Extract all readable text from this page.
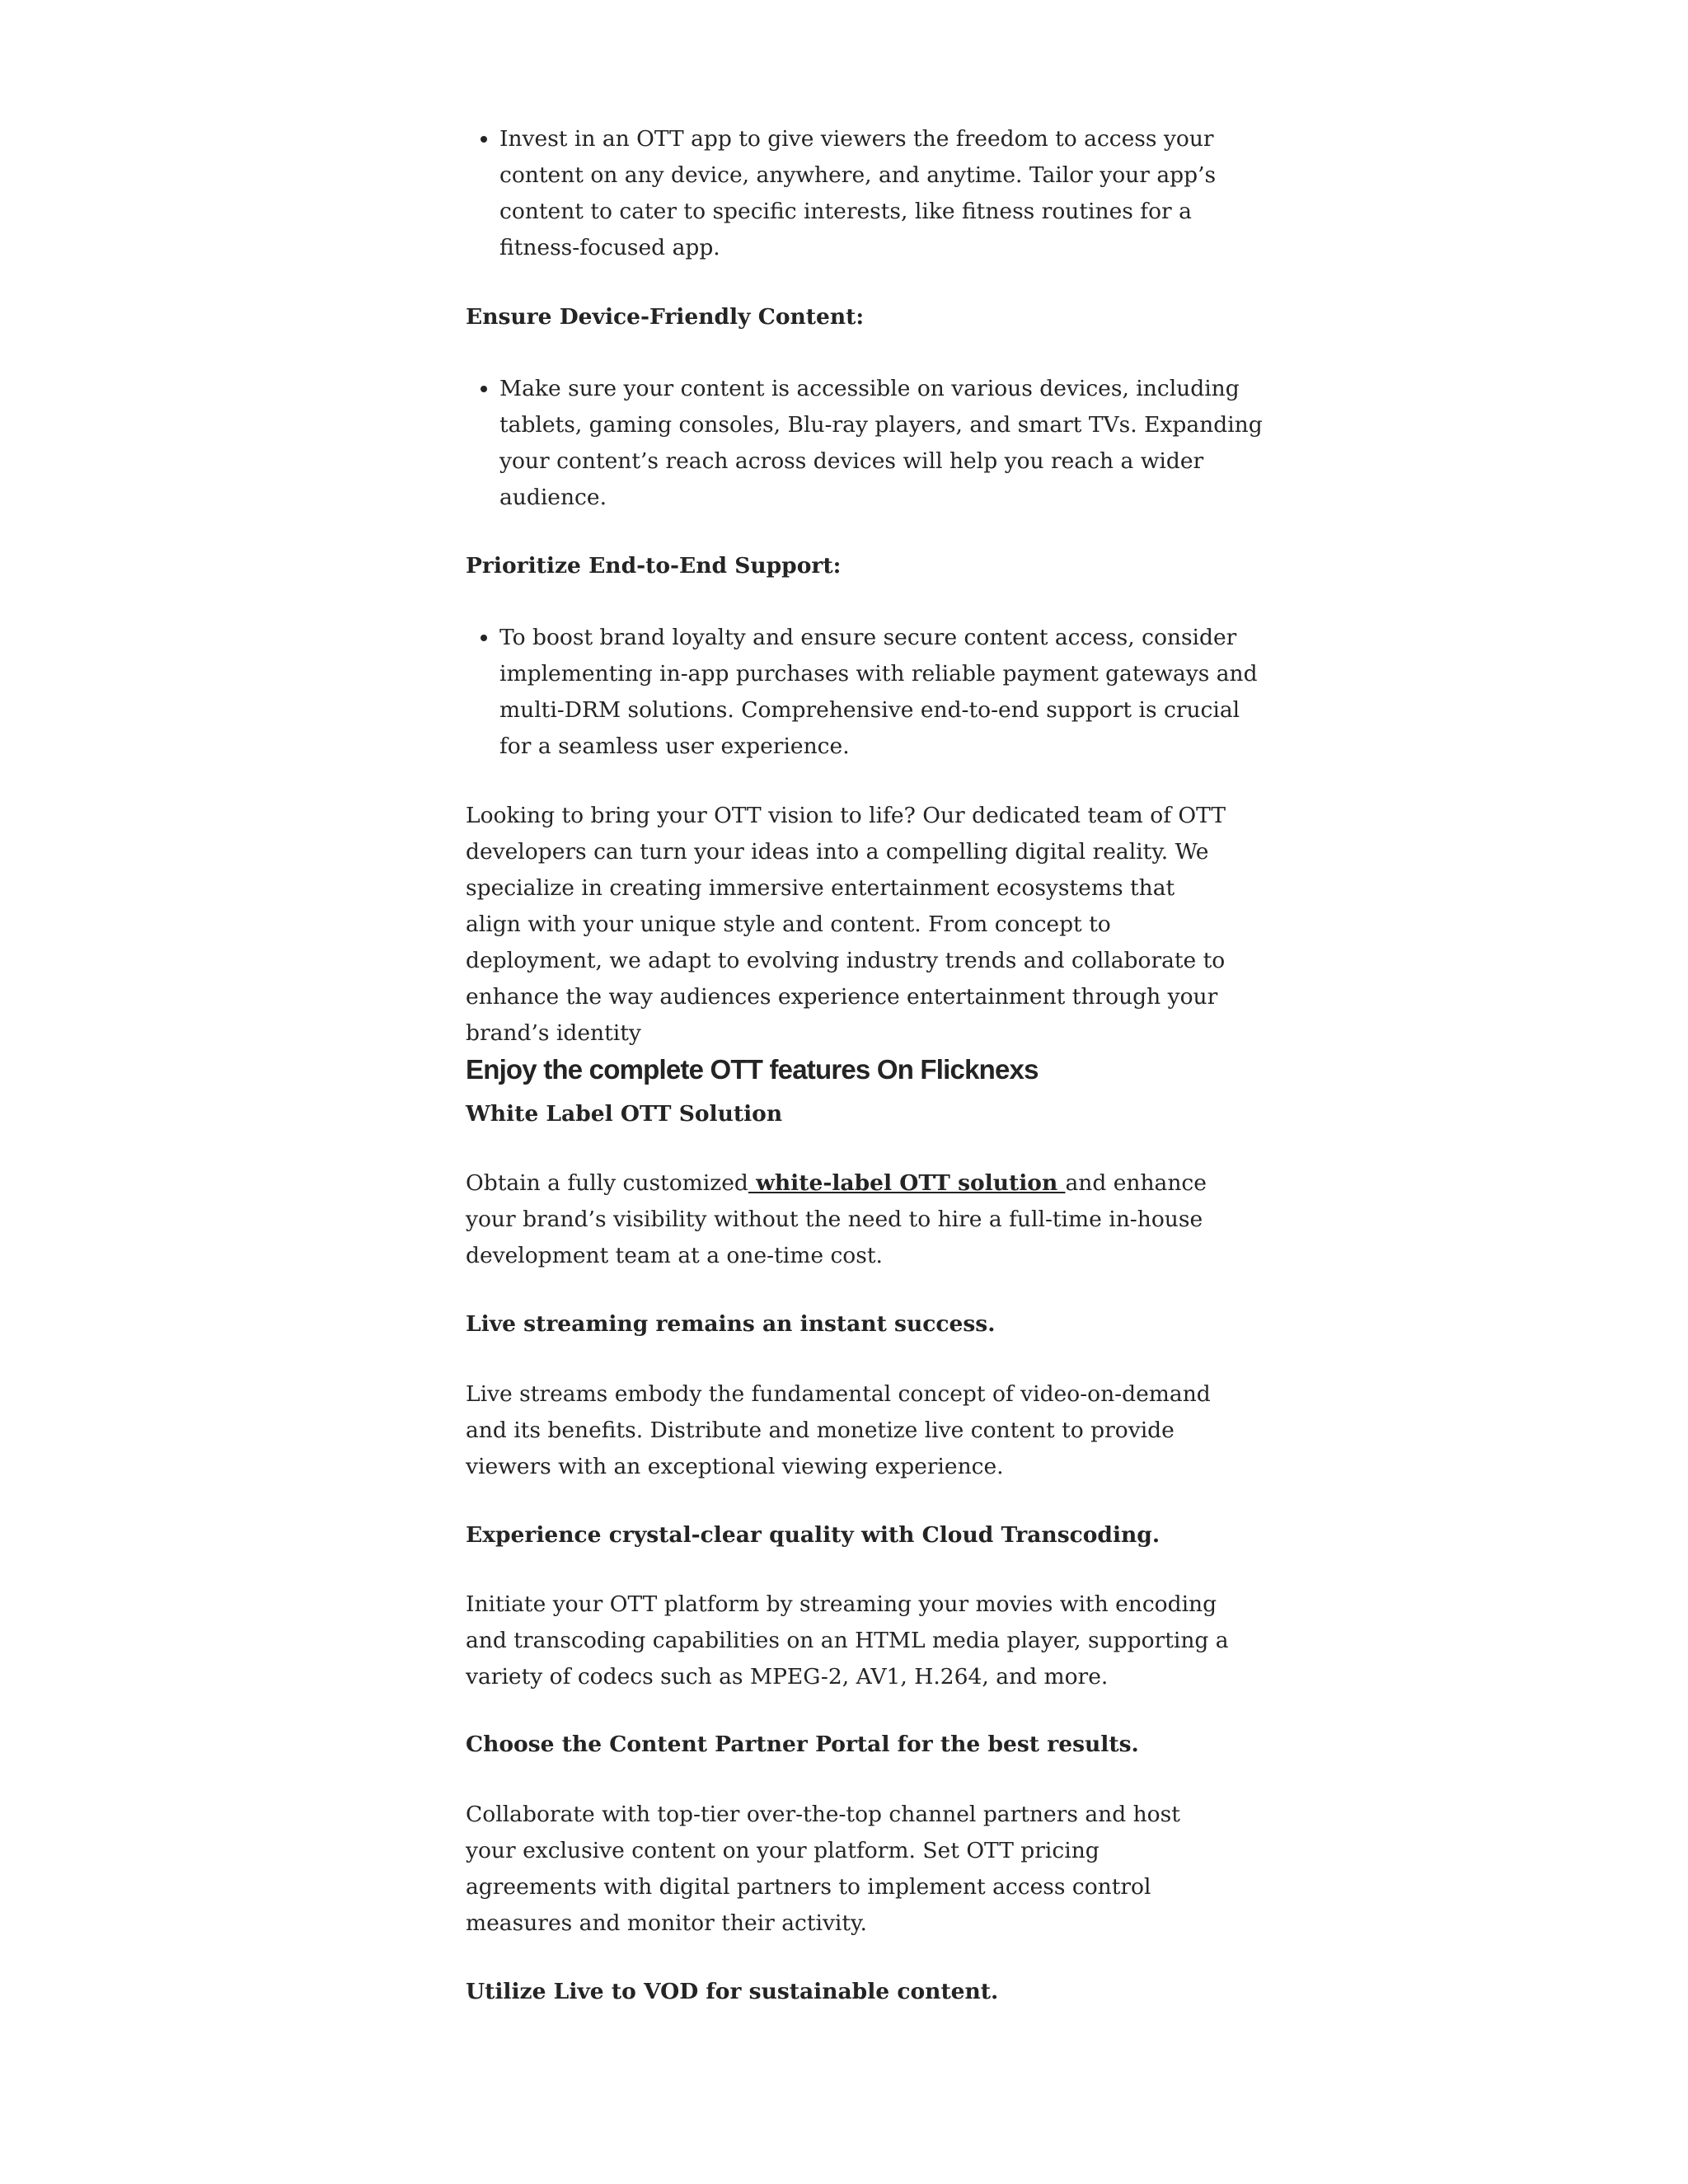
• Invest in an OTT app to give viewers the freedom to access your content on any device, anywhere, and anytime. Tailor your app’s content to cater to specific interests, like fitness routines for a fitness-focused app.

Ensure Device-Friendly Content:

• Make sure your content is accessible on various devices, including tablets, gaming consoles, Blu-ray players, and smart TVs. Expanding your content’s reach across devices will help you reach a wider audience.

Prioritize End-to-End Support:

• To boost brand loyalty and ensure secure content access, consider implementing in-app purchases with reliable payment gateways and multi-DRM solutions. Comprehensive end-to-end support is crucial for a seamless user experience.

Looking to bring your OTT vision to life? Our dedicated team of OTT developers can turn your ideas into a compelling digital reality. We specialize in creating immersive entertainment ecosystems that align with your unique style and content. From concept to deployment, we adapt to evolving industry trends and collaborate to enhance the way audiences experience entertainment through your brand’s identity

Enjoy the complete OTT features On Flicknexs

White Label OTT Solution

Obtain a fully customized white-label OTT solution and enhance your brand’s visibility without the need to hire a full-time in-house development team at a one-time cost.

Live streaming remains an instant success.

Live streams embody the fundamental concept of video-on-demand and its benefits. Distribute and monetize live content to provide viewers with an exceptional viewing experience.

Experience crystal-clear quality with Cloud Transcoding.

Initiate your OTT platform by streaming your movies with encoding and transcoding capabilities on an HTML media player, supporting a variety of codecs such as MPEG-2, AV1, H.264, and more.

Choose the Content Partner Portal for the best results.

Collaborate with top-tier over-the-top channel partners and host your exclusive content on your platform. Set OTT pricing agreements with digital partners to implement access control measures and monitor their activity.

Utilize Live to VOD for sustainable content.
